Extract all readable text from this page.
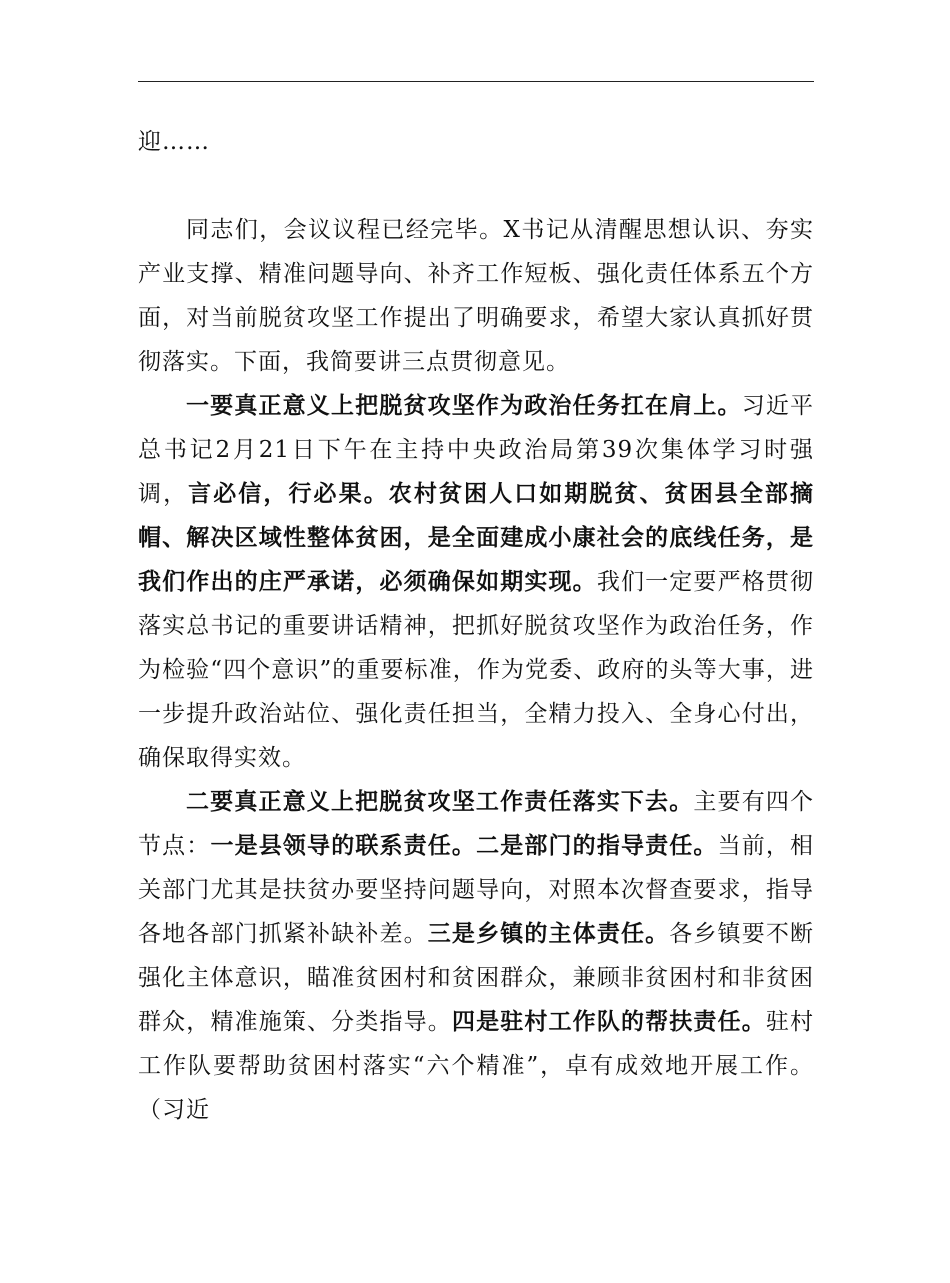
迎……

同志们，会议议程已经完毕。X书记从清醒思想认识、夯实产业支撑、精准问题导向、补齐工作短板、强化责任体系五个方面，对当前脱贫攻坚工作提出了明确要求，希望大家认真抓好贯彻落实。下面，我简要讲三点贯彻意见。

一要真正意义上把脱贫攻坚作为政治任务扛在肩上。习近平总书记2月21日下午在主持中央政治局第39次集体学习时强调，言必信，行必果。农村贫困人口如期脱贫、贫困县全部摘帽、解决区域性整体贫困，是全面建成小康社会的底线任务，是我们作出的庄严承诺，必须确保如期实现。我们一定要严格贯彻落实总书记的重要讲话精神，把抓好脱贫攻坚作为政治任务，作为检验“四个意识”的重要标准，作为党委、政府的头等大事，进一步提升政治站位、强化责任担当，全精力投入、全身心付出，确保取得实效。

二要真正意义上把脱贫攻坚工作责任落实下去。主要有四个节点：一是县领导的联系责任。二是部门的指导责任。当前，相关部门尤其是扶贫办要坚持问题导向，对照本次督查要求，指导各地各部门抓紧补缺补差。三是乡镇的主体责任。各乡镇要不断强化主体意识，瞄准贫困村和贫困群众，兼顾非贫困村和非贫困群众，精准施策、分类指导。四是驻村工作队的帮扶责任。驻村工作队要帮助贫困村落实“六个精准”，卓有成效地开展工作。（习近
